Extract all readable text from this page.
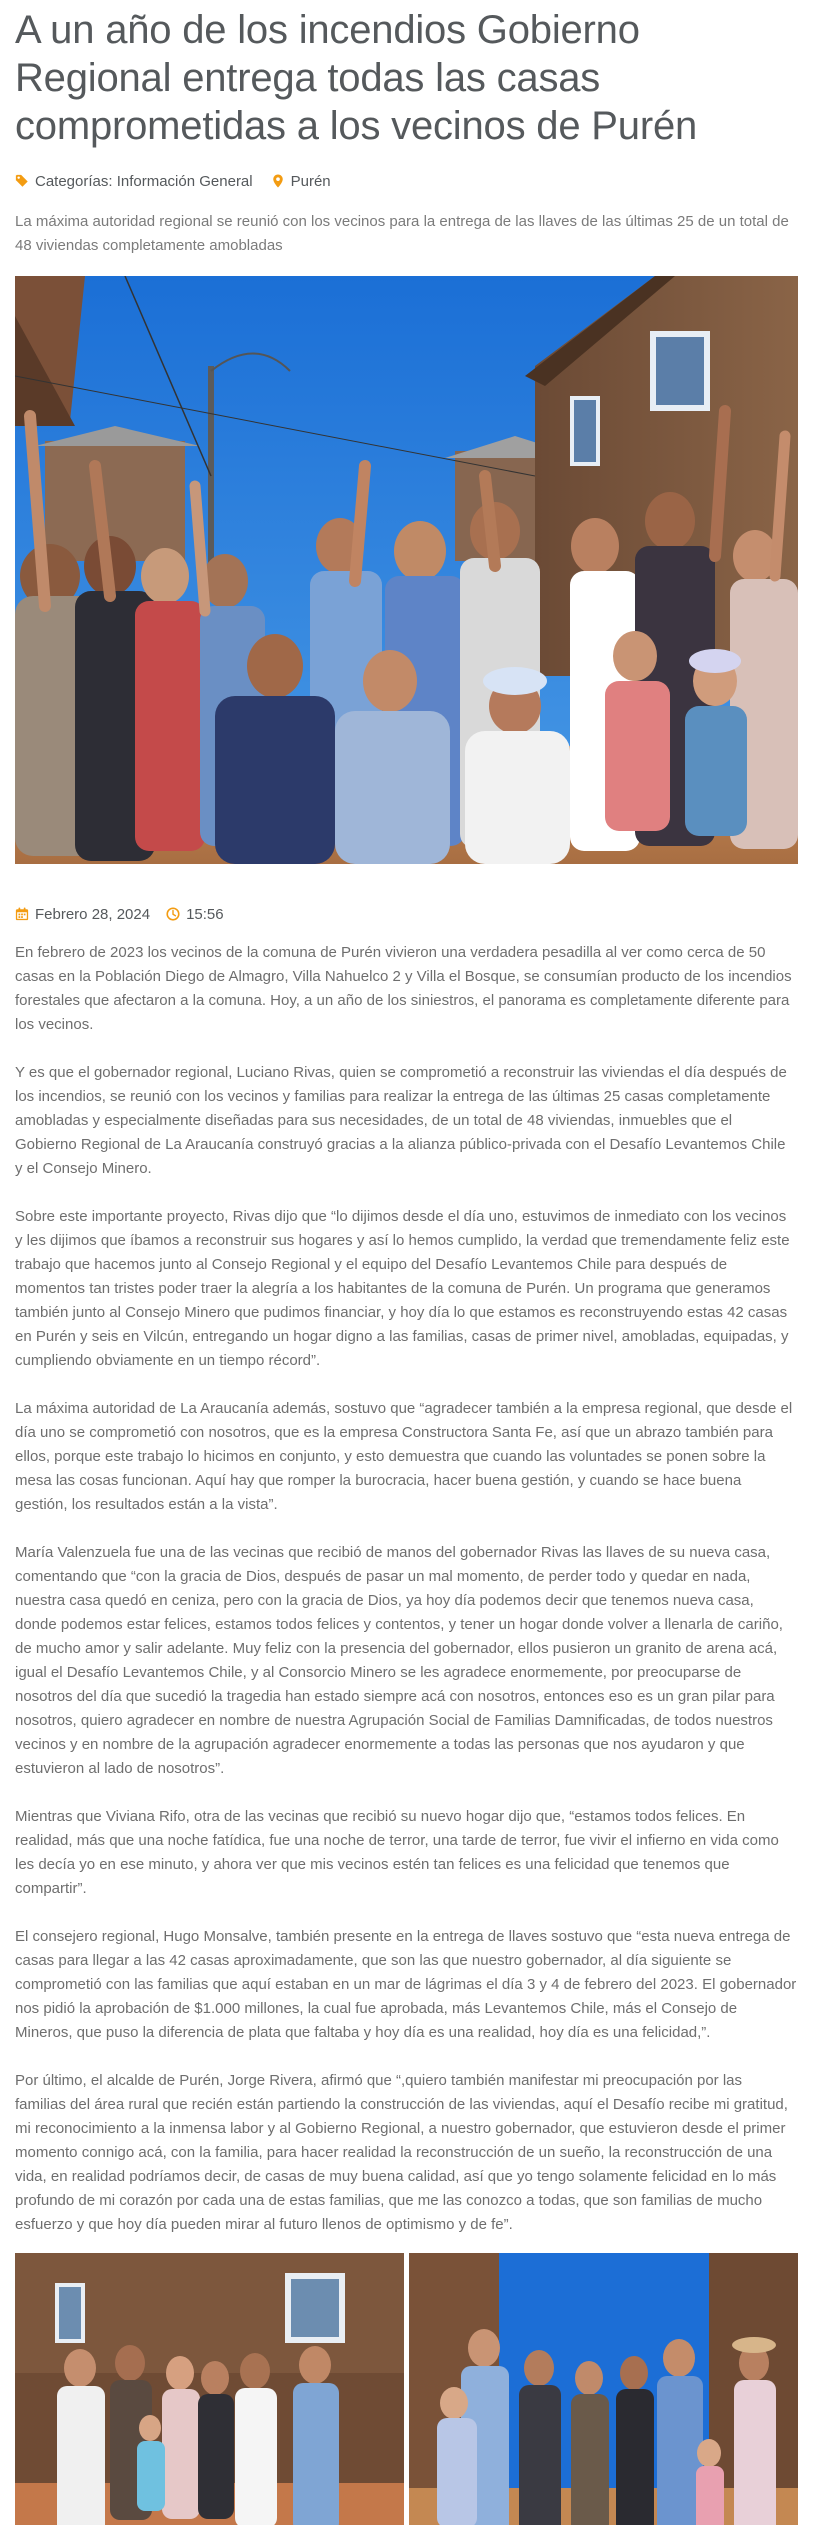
A un año de los incendios Gobierno Regional entrega todas las casas comprometidas a los vecinos de Purén
Categorías: Información General	Purén

La máxima autoridad regional se reunió con los vecinos para la entrega de las llaves de las últimas 25 de un total de 48 viviendas completamente amobladas

Febrero 28, 2024 15:56

En febrero de 2023 los vecinos de la comuna de Purén vivieron una verdadera pesadilla al ver como cerca de 50 casas en la Población Diego de Almagro, Villa Nahuelco 2 y Villa el Bosque, se consumían producto de los incendios forestales que afectaron a la comuna. Hoy, a un año de los siniestros, el panorama es completamente diferente para los vecinos.

Y es que el gobernador regional, Luciano Rivas, quien se comprometió a reconstruir las viviendas el día después de los incendios, se reunió con los vecinos y familias para realizar la entrega de las últimas 25 casas completamente amobladas y especialmente diseñadas para sus necesidades, de un total de 48 viviendas, inmuebles que el Gobierno Regional de La Araucanía construyó gracias a la alianza público-privada con el Desafío Levantemos Chile y el Consejo Minero.

Sobre este importante proyecto, Rivas dijo que “lo dijimos desde el día uno, estuvimos de inmediato con los vecinos y les dijimos que íbamos a reconstruir sus hogares y así lo hemos cumplido, la verdad que tremendamente feliz este trabajo que hacemos junto al Consejo Regional y el equipo del Desafío Levantemos Chile para después de momentos tan tristes poder traer la alegría a los habitantes de la comuna de Purén. Un programa que generamos también junto al Consejo Minero que pudimos financiar, y hoy día lo que estamos es reconstruyendo estas 42 casas en Purén y seis en Vilcún, entregando un hogar digno a las familias, casas de primer nivel, amobladas, equipadas, y cumpliendo obviamente en un tiempo récord”.

La máxima autoridad de La Araucanía además, sostuvo que “agradecer también a la empresa regional, que desde el día uno se comprometió con nosotros, que es la empresa Constructora Santa Fe, así que un abrazo también para ellos, porque este trabajo lo hicimos en conjunto, y esto demuestra que cuando las voluntades se ponen sobre la mesa las cosas funcionan. Aquí hay que romper la burocracia, hacer buena gestión, y cuando se hace buena gestión, los resultados están a la vista”.

María Valenzuela fue una de las vecinas que recibió de manos del gobernador Rivas las llaves de su nueva casa, comentando que “con la gracia de Dios, después de pasar un mal momento, de perder todo y quedar en nada, nuestra casa quedó en ceniza, pero con la gracia de Dios, ya hoy día podemos decir que tenemos nueva casa, donde podemos estar felices, estamos todos felices y contentos, y tener un hogar donde volver a llenarla de cariño, de mucho amor y salir adelante. Muy feliz con la presencia del gobernador, ellos pusieron un granito de arena acá, igual el Desafío Levantemos Chile, y al Consorcio Minero se les agradece enormemente, por preocuparse de nosotros del día que sucedió la tragedia han estado siempre acá con nosotros, entonces eso es un gran pilar para nosotros, quiero agradecer en nombre de nuestra Agrupación Social de Familias Damnificadas, de todos nuestros vecinos y en nombre de la agrupación agradecer enormemente a todas las personas que nos ayudaron y que estuvieron al lado de nosotros”.

Mientras que Viviana Rifo, otra de las vecinas que recibió su nuevo hogar dijo que, “estamos todos felices. En realidad, más que una noche fatídica, fue una noche de terror, una tarde de terror, fue vivir el infierno en vida como les decía yo en ese minuto, y ahora ver que mis vecinos estén tan felices es una felicidad que tenemos que compartir”.

El consejero regional, Hugo Monsalve, también presente en la entrega de llaves sostuvo que “esta nueva entrega de casas para llegar a las 42 casas aproximadamente, que son las que nuestro gobernador, al día siguiente se comprometió con las familias que aquí estaban en un mar de lágrimas el día 3 y 4 de febrero del 2023. El gobernador nos pidió la aprobación de $1.000 millones, la cual fue aprobada, más Levantemos Chile, más el Consejo de Mineros, que puso la diferencia de plata que faltaba y hoy día es una realidad, hoy día es una felicidad,”.

Por último, el alcalde de Purén, Jorge Rivera, afirmó que “,quiero también manifestar mi preocupación por las familias del área rural que recién están partiendo la construcción de las viviendas, aquí el Desafío recibe mi gratitud, mi reconocimiento a la inmensa labor y al Gobierno Regional, a nuestro gobernador, que estuvieron desde el primer momento connigo acá, con la familia, para hacer realidad la reconstrucción de un sueño, la reconstrucción de una vida, en realidad podríamos decir, de casas de muy buena calidad, así que yo tengo solamente felicidad en lo más profundo de mi corazón por cada una de estas familias, que me las conozco a todas, que son familias de mucho esfuerzo y que hoy día pueden mirar al futuro llenos de optimismo y de fe”.
